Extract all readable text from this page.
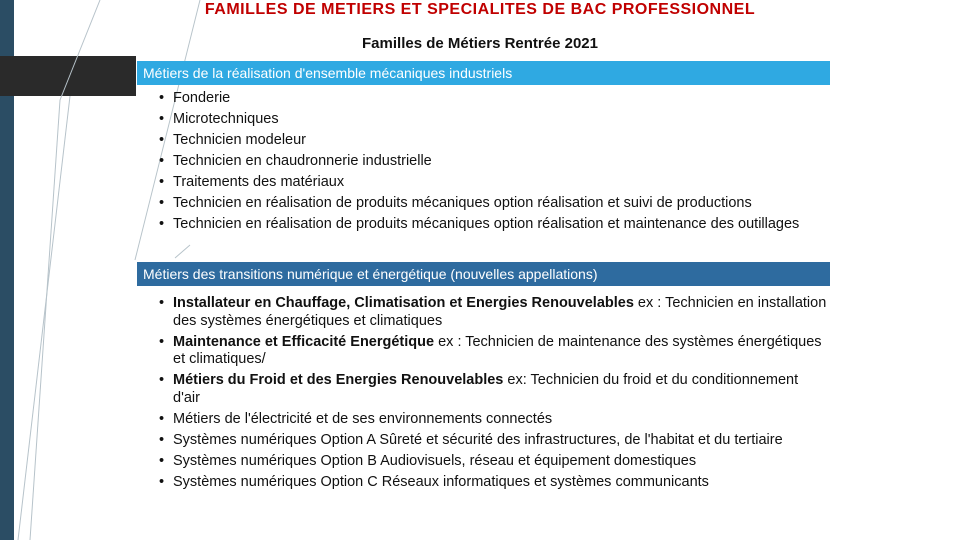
FAMILLES DE METIERS ET SPECIALITES DE BAC PROFESSIONNEL
Familles de Métiers Rentrée 2021
Métiers de la réalisation d'ensemble mécaniques industriels
• Fonderie
• Microtechniques
• Technicien modeleur
• Technicien en chaudronnerie industrielle
• Traitements des matériaux
• Technicien en réalisation de produits mécaniques option réalisation et suivi de productions
• Technicien en réalisation de produits mécaniques option réalisation et maintenance des outillages
Métiers des transitions numérique et énergétique (nouvelles appellations)
• Installateur en Chauffage, Climatisation et Energies Renouvelables ex : Technicien en installation des systèmes énergétiques et climatiques
• Maintenance et Efficacité Energétique ex : Technicien de maintenance des systèmes énergétiques et climatiques/
• Métiers du Froid et des Energies Renouvelables ex: Technicien du froid et du conditionnement d'air
• Métiers de l'électricité et de ses environnements connectés
• Systèmes numériques Option A Sûreté et sécurité des infrastructures, de l'habitat et du tertiaire
• Systèmes numériques Option B Audiovisuels, réseau et équipement domestiques
• Systèmes numériques Option C Réseaux informatiques et systèmes communicants
